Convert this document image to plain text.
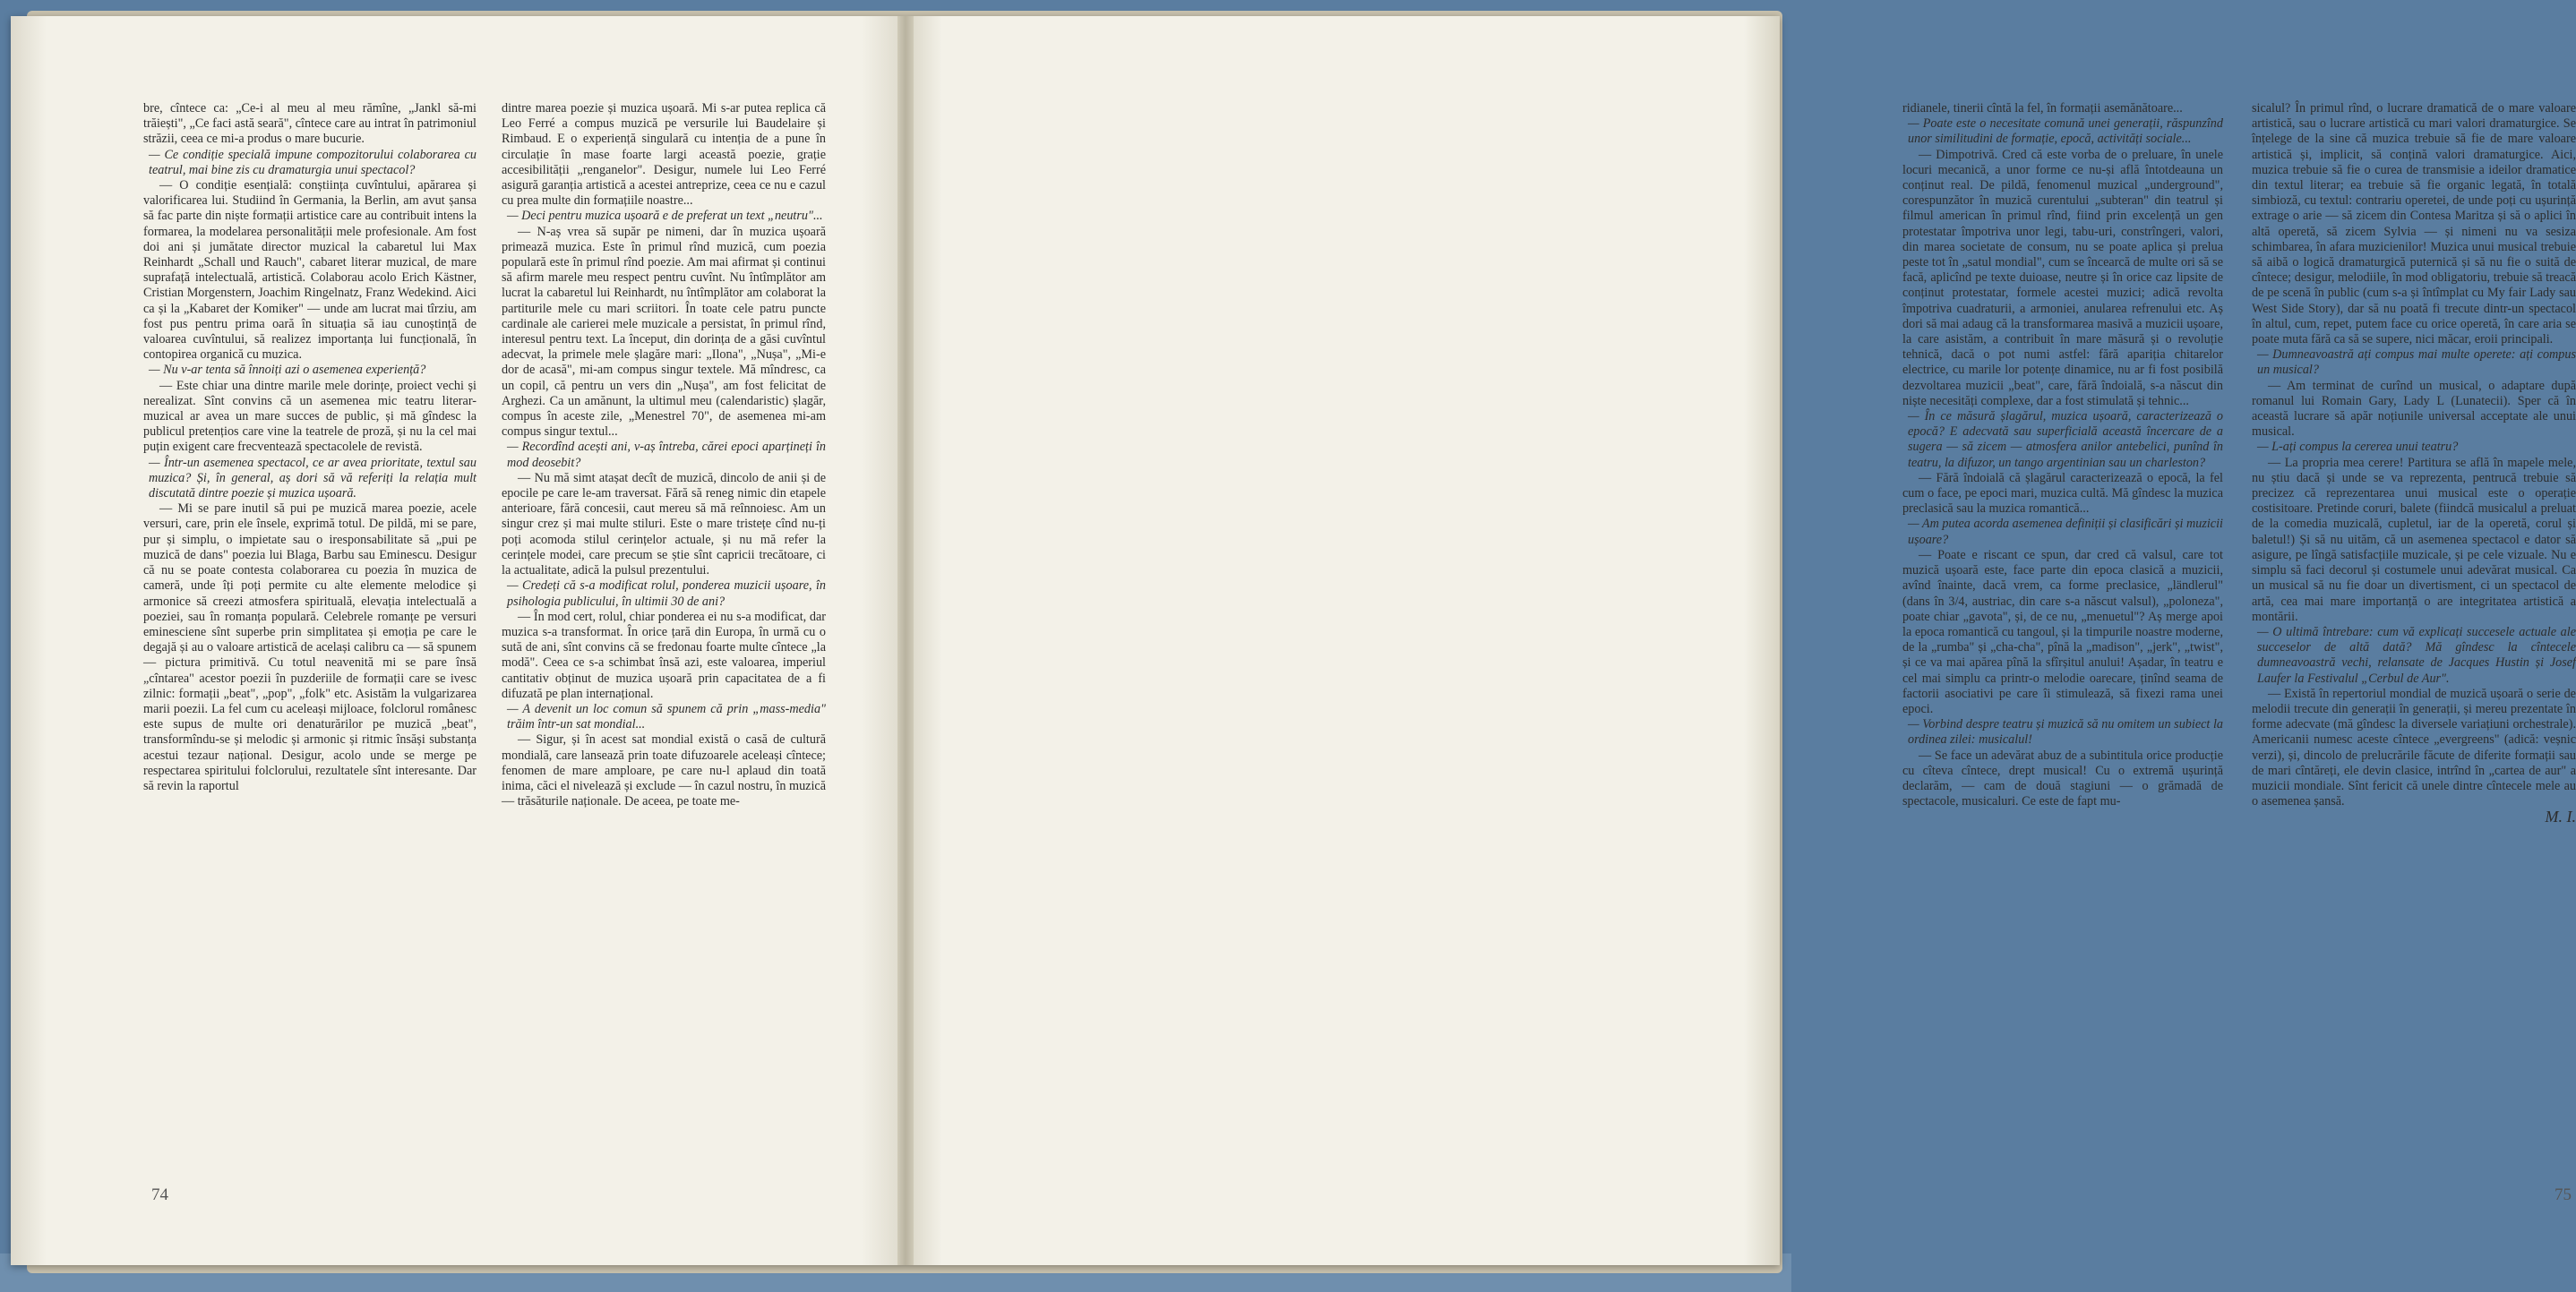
bre, cîntece ca: „Ce-i al meu al meu rămîne, „Jankl să-mi trăiești", „Ce faci astă seară", cîntece care au intrat în patrimoniul străzii, ceea ce mi-a produs o mare bucurie.

— Ce condiție specială impune compozitorului colaborarea cu teatrul, mai bine zis cu dramaturgia unui spectacol?

— O condiție esențială: conștiința cuvîntului, apărarea și valorificarea lui. Studiind în Germania, la Berlin, am avut șansa să fac parte din niște formații artistice care au contribuit intens la formarea, la modelarea personalității mele profesionale. Am fost doi ani și jumătate director muzical la cabaretul lui Max Reinhardt „Schall und Rauch", cabaret literar muzical, de mare suprafață intelectuală, artistică. Colaborau acolo Erich Kästner, Cristian Morgenstern, Joachim Ringelnatz, Franz Wedekind. Aici ca și la „Kabaret der Komiker" — unde am lucrat mai tîrziu, am fost pus pentru prima oară în situația să iau cunoștință de valoarea cuvîntului, să realizez importanța lui funcțională, în contopirea organică cu muzica.

— Nu v-ar tenta să înnoiți azi o asemenea experiență?

— Este chiar una dintre marile mele dorințe, proiect vechi și nerealizat. Sînt convins că un asemenea mic teatru literar-muzical ar avea un mare succes de public, și mă gîndesc la publicul pretențios care vine la teatrele de proză, și nu la cel mai puțin exigent care frecventează spectacolele de revistă.

— Într-un asemenea spectacol, ce ar avea prioritate, textul sau muzica? Și, în general, aș dori să vă referiți la relația mult discutată dintre poezie și muzica ușoară.

— Mi se pare inutil să pui pe muzică marea poezie, acele versuri, care, prin ele însele, exprimă totul. De pildă, mi se pare, pur și simplu, o impietate sau o iresponsabilitate să „pui pe muzică de dans" poezia lui Blaga, Barbu sau Eminescu. Desigur că nu se poate contesta colaborarea cu poezia în muzica de cameră, unde îți poți permite cu alte elemente melodice și armonice să creezi atmosfera spirituală, elevația intelectuală a poeziei, sau în romanța populară. Celebrele romanțe pe versuri eminesciene sînt superbe prin simplitatea și emoția pe care le degajă și au o valoare artistică de același calibru ca — să spunem — pictura primitivă. Cu totul neavenită mi se pare însă „cîntarea" acestor poezii în puzderiile de formații care se ivesc zilnic: formații „beat", „pop", „folk" etc. Asistăm la vulgarizarea marii poezii. La fel cum cu aceleași mijloace, folclorul românesc este supus de multe ori denaturărilor pe muzică „beat", transformîndu-se și melodic și armonic și ritmic însăși substanța acestui tezaur național. Desigur, acolo unde se merge pe respectarea spiritului folclorului, rezultatele sînt interesante. Dar să revin la raportul

dintre marea poezie și muzica ușoară. Mi s-ar putea replica că Leo Ferré a compus muzică pe versurile lui Baudelaire și Rimbaud. E o experiență singulară cu intenția de a pune în circulație în mase foarte largi această poezie, grație accesibilității „renganelor". Desigur, numele lui Leo Ferré asigură garanția artistică a acestei antreprize, ceea ce nu e cazul cu prea multe din formațiile noastre...

— Deci pentru muzica ușoară e de preferat un text „neutru"...

— N-aș vrea să supăr pe nimeni, dar în muzica ușoară primează muzica. Este în primul rînd muzică, cum poezia populară este în primul rînd poezie. Am mai afirmat și continui să afirm marele meu respect pentru cuvînt. Nu întîmplător am lucrat la cabaretul lui Reinhardt, nu întîmplător am colaborat la partiturile mele cu mari scriitori. În toate cele patru puncte cardinale ale carierei mele muzicale a persistat, în primul rînd, interesul pentru text. La început, din dorința de a găsi cuvîntul adecvat, la primele mele șlagăre mari: „Ilona", „Nușa", „Mi-e dor de acasă", mi-am compus singur textele. Mă mîndresc, ca un copil, că pentru un vers din „Nușa", am fost felicitat de Arghezi. Ca un amănunt, la ultimul meu (calendaristic) șlagăr, compus în aceste zile, „Menestrel 70", de asemenea mi-am compus singur textul...

— Recordînd acești ani, v-aș întreba, cărei epoci aparțineți în mod deosebit?

— Nu mă simt atașat decît de muzică, dincolo de anii și de epocile pe care le-am traversat. Fără să reneg nimic din etapele anterioare, fără concesii, caut mereu să mă reînnoiesc. Am un singur crez și mai multe stiluri. Este o mare tristețe cînd nu-ți poți acomoda stilul cerințelor actuale, și nu mă refer la cerințele modei, care precum se știe sînt capricii trecătoare, ci la actualitate, adică la pulsul prezentului.

— Credeți că s-a modificat rolul, ponderea muzicii ușoare, în psihologia publicului, în ultimii 30 de ani?

— În mod cert, rolul, chiar ponderea ei nu s-a modificat, dar muzica s-a transformat. În orice țară din Europa, în urmă cu o sută de ani, sînt convins că se fredonau foarte multe cîntece „la modă". Ceea ce s-a schimbat însă azi, este valoarea, imperiul cantitativ obținut de muzica ușoară prin capacitatea de a fi difuzată pe plan internațional.

— A devenit un loc comun să spunem că prin „mass-media" trăim într-un sat mondial...

— Sigur, și în acest sat mondial există o casă de cultură mondială, care lansează prin toate difuzoarele aceleași cîntece; fenomen de mare amploare, pe care nu-l aplaud din toată inima, căci el nivelează și exclude — în cazul nostru, în muzică — trăsăturile naționale. De aceea, pe toate me-

74

ridianele, tinerii cîntă la fel, în formații asemănătoare...

— Poate este o necesitate comună unei generații, răspunzînd unor similitudini de formație, epocă, activități sociale...

— Dimpotrivă. Cred că este vorba de o preluare, în unele locuri mecanică, a unor forme ce nu-și află întotdeauna un conținut real. De pildă, fenomenul muzical „underground", corespunzător în muzică curentului „subteran" din teatrul și filmul american în primul rînd, fiind prin excelență un gen protestatar împotriva unor legi, tabu-uri, constrîngeri, valori, din marea societate de consum, nu se poate aplica și prelua peste tot în „satul mondial", cum se încearcă de multe ori să se facă, aplicînd pe texte duioase, neutre și în orice caz lipsite de conținut protestatar, formele acestei muzici; adică revolta împotriva cuadraturii, a armoniei, anularea refrenului etc. Aș dori să mai adaug că la transformarea masivă a muzicii ușoare, la care asistăm, a contribuit în mare măsură și o revoluție tehnică, dacă o pot numi astfel: fără apariția chitarelor electrice, cu marile lor potențe dinamice, nu ar fi fost posibilă dezvoltarea muzicii „beat", care, fără îndoială, s-a născut din niște necesități complexe, dar a fost stimulată și tehnic...

— În ce măsură șlagărul, muzica ușoară, caracterizează o epocă? E adecvată sau superficială această încercare de a sugera — să zicem — atmosfera anilor antebelici, punînd în teatru, la difuzor, un tango argentinian sau un charleston?

— Fără îndoială că șlagărul caracterizează o epocă, la fel cum o face, pe epoci mari, muzica cultă. Mă gîndesc la muzica preclasică sau la muzica romantică...

— Am putea acorda asemenea definiții și clasificări și muzicii ușoare?

— Poate e riscant ce spun, dar cred că valsul, care tot muzică ușoară este, face parte din epoca clasică a muzicii, avînd înainte, dacă vrem, ca forme preclasice, „ländlerul" (dans în 3/4, austriac, din care s-a născut valsul), „poloneza", poate chiar „gavota", și, de ce nu, „menuetul"? Aș merge apoi la epoca romantică cu tangoul, și la timpurile noastre moderne, de la „rumba" și „cha-cha", pînă la „madison", „jerk", „twist", și ce va mai apărea pînă la sfîrșitul anului! Așadar, în teatru e cel mai simplu ca printr-o melodie oarecare, ținînd seama de factorii asociativi pe care îi stimulează, să fixezi rama unei epoci.

— Vorbind despre teatru și muzică să nu omitem un subiect la ordinea zilei: musicalul!

— Se face un adevărat abuz de a subintitula orice producție cu cîteva cîntece, drept musical! Cu o extremă ușurință declarăm, — cam de două stagiuni — o grămadă de spectacole, musicaluri. Ce este de fapt mu-

sicalul? În primul rînd, o lucrare dramatică de o mare valoare artistică, sau o lucrare artistică cu mari valori dramaturgice. Se înțelege de la sine că muzica trebuie să fie de mare valoare artistică și, implicit, să conțină valori dramaturgice. Aici, muzica trebuie să fie o curea de transmisie a ideilor dramatice din textul literar; ea trebuie să fie organic legată, în totală simbioză, cu textul: contrariu operetei, de unde poți cu ușurință extrage o arie — să zicem din Contesa Maritza și să o aplici în altă operetă, să zicem Sylvia — și nimeni nu va sesiza schimbarea, în afara muzicienilor! Muzica unui musical trebuie să aibă o logică dramaturgică puternică și să nu fie o suită de cîntece; desigur, melodiile, în mod obligatoriu, trebuie să treacă de pe scenă în public (cum s-a și întîmplat cu My fair Lady sau West Side Story), dar să nu poată fi trecute dintr-un spectacol în altul, cum, repet, putem face cu orice operetă, în care aria se poate muta fără ca să se supere, nici măcar, eroii principali.

— Dumneavoastră ați compus mai multe operete: ați compus un musical?

— Am terminat de curînd un musical, o adaptare după romanul lui Romain Gary, Lady L (Lunatecii). Sper că în această lucrare să apăr noțiunile universal acceptate ale unui musical.

— L-ați compus la cererea unui teatru?

— La propria mea cerere! Partitura se află în mapele mele, nu știu dacă și unde se va reprezenta, pentrucă trebuie să precizez că reprezentarea unui musical este o operație costisitoare. Pretinde coruri, balete (fiindcă musicalul a preluat de la comedia muzicală, cupletul, iar de la operetă, corul și baletul!) Și să nu uităm, că un asemenea spectacol e dator să asigure, pe lîngă satisfacțiile muzicale, și pe cele vizuale. Nu e simplu să faci decorul și costumele unui adevărat musical. Ca un musical să nu fie doar un divertisment, ci un spectacol de artă, cea mai mare importanță o are integritatea artistică a montării.

— O ultimă întrebare: cum vă explicați succesele actuale ale succeselor de altă dată? Mă gîndesc la cîntecele dumneavoastră vechi, relansate de Jacques Hustin și Josef Laufer la Festivalul „Cerbul de Aur".

— Există în repertoriul mondial de muzică ușoară o serie de melodii trecute din generații în generații, și mereu prezentate în forme adecvate (mă gîndesc la diversele variațiuni orchestrale). Americanii numesc aceste cîntece „evergreens" (adică: veșnic verzi), și, dincolo de prelucrările făcute de diferite formații sau de mari cîntăreți, ele devin clasice, intrînd în „cartea de aur" a muzicii mondiale. Sînt fericit că unele dintre cîntecele mele au o asemenea șansă.

M. I.

75
